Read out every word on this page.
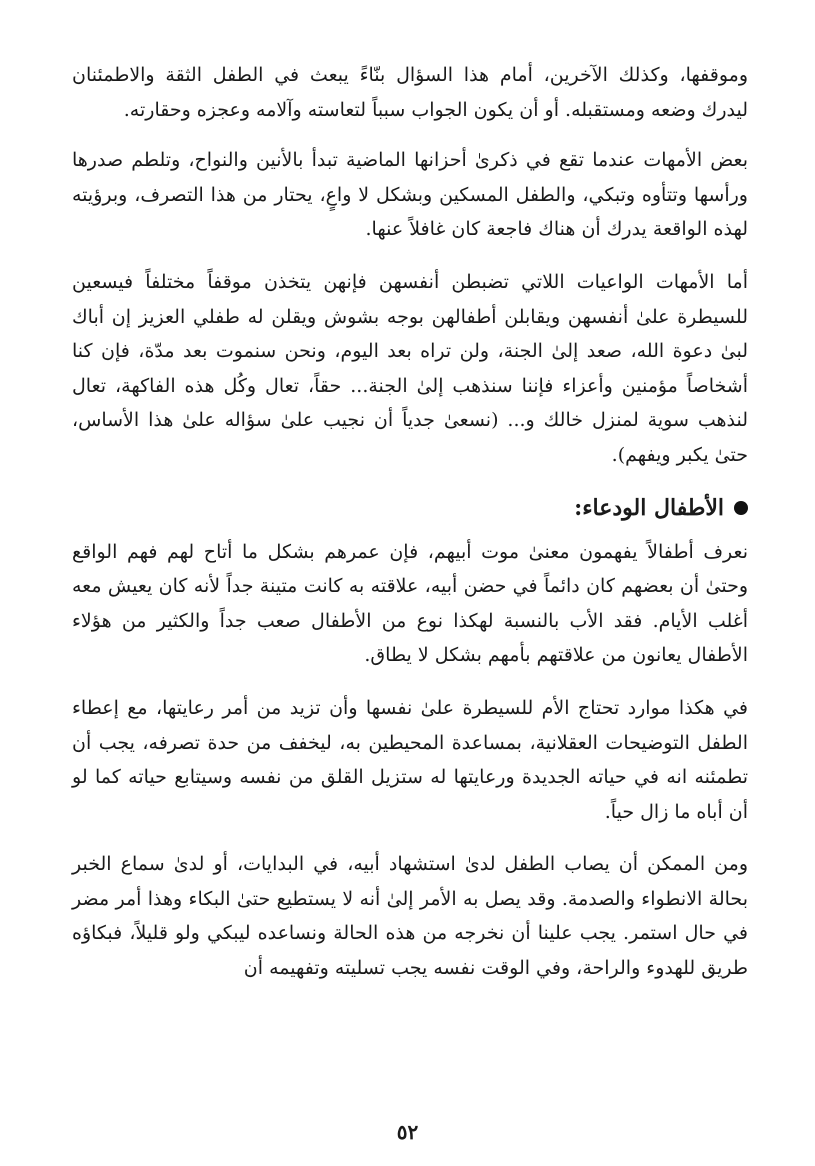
وموقفها، وكذلك الآخرين، أمام هذا السؤال بنّاءً يبعث في الطفل الثقة والاطمئنان ليدرك وضعه ومستقبله. أو أن يكون الجواب سبباً لتعاسته وآلامه وعجزه وحقارته.

بعض الأمهات عندما تقع في ذكرىٰ أحزانها الماضية تبدأ بالأنين والنواح، وتلطم صدرها ورأسها وتتأوه وتبكي، والطفل المسكين وبشكل لا واعٍ، يحتار من هذا التصرف، وبرؤيته لهذه الواقعة يدرك أن هناك فاجعة كان غافلاً عنها.

أما الأمهات الواعيات اللاتي تضبطن أنفسهن فإنهن يتخذن موقفاً مختلفاً فيسعين للسيطرة علىٰ أنفسهن ويقابلن أطفالهن بوجه بشوش ويقلن له طفلي العزيز إن أباك لبىٰ دعوة الله، صعد إلىٰ الجنة، ولن تراه بعد اليوم، ونحن سنموت بعد مدّة، فإن كنا أشخاصاً مؤمنين وأعزاء فإننا سنذهب إلىٰ الجنة... حقاً، تعال وكُل هذه الفاكهة، تعال لنذهب سوية لمنزل خالك و... (نسعىٰ جدياً أن نجيب علىٰ سؤاله علىٰ هذا الأساس، حتىٰ يكبر ويفهم).

الأطفال الودعاء:

نعرف أطفالاً يفهمون معنىٰ موت أبيهم، فإن عمرهم بشكل ما أتاح لهم فهم الواقع وحتىٰ أن بعضهم كان دائماً في حضن أبيه، علاقته به كانت متينة جداً لأنه كان يعيش معه أغلب الأيام. فقد الأب بالنسبة لهكذا نوع من الأطفال صعب جداً والكثير من هؤلاء الأطفال يعانون من علاقتهم بأمهم بشكل لا يطاق.

في هكذا موارد تحتاج الأم للسيطرة علىٰ نفسها وأن تزيد من أمر رعايتها، مع إعطاء الطفل التوضيحات العقلانية، بمساعدة المحيطين به، ليخفف من حدة تصرفه، يجب أن تطمئنه انه في حياته الجديدة ورعايتها له ستزيل القلق من نفسه وسيتابع حياته كما لو أن أباه ما زال حياً.

ومن الممكن أن يصاب الطفل لدىٰ استشهاد أبيه، في البدايات، أو لدىٰ سماع الخبر بحالة الانطواء والصدمة. وقد يصل به الأمر إلىٰ أنه لا يستطيع حتىٰ البكاء وهذا أمر مضر في حال استمر. يجب علينا أن نخرجه من هذه الحالة ونساعده ليبكي ولو قليلاً، فبكاؤه طريق للهدوء والراحة، وفي الوقت نفسه يجب تسليته وتفهيمه أن

٥٢
